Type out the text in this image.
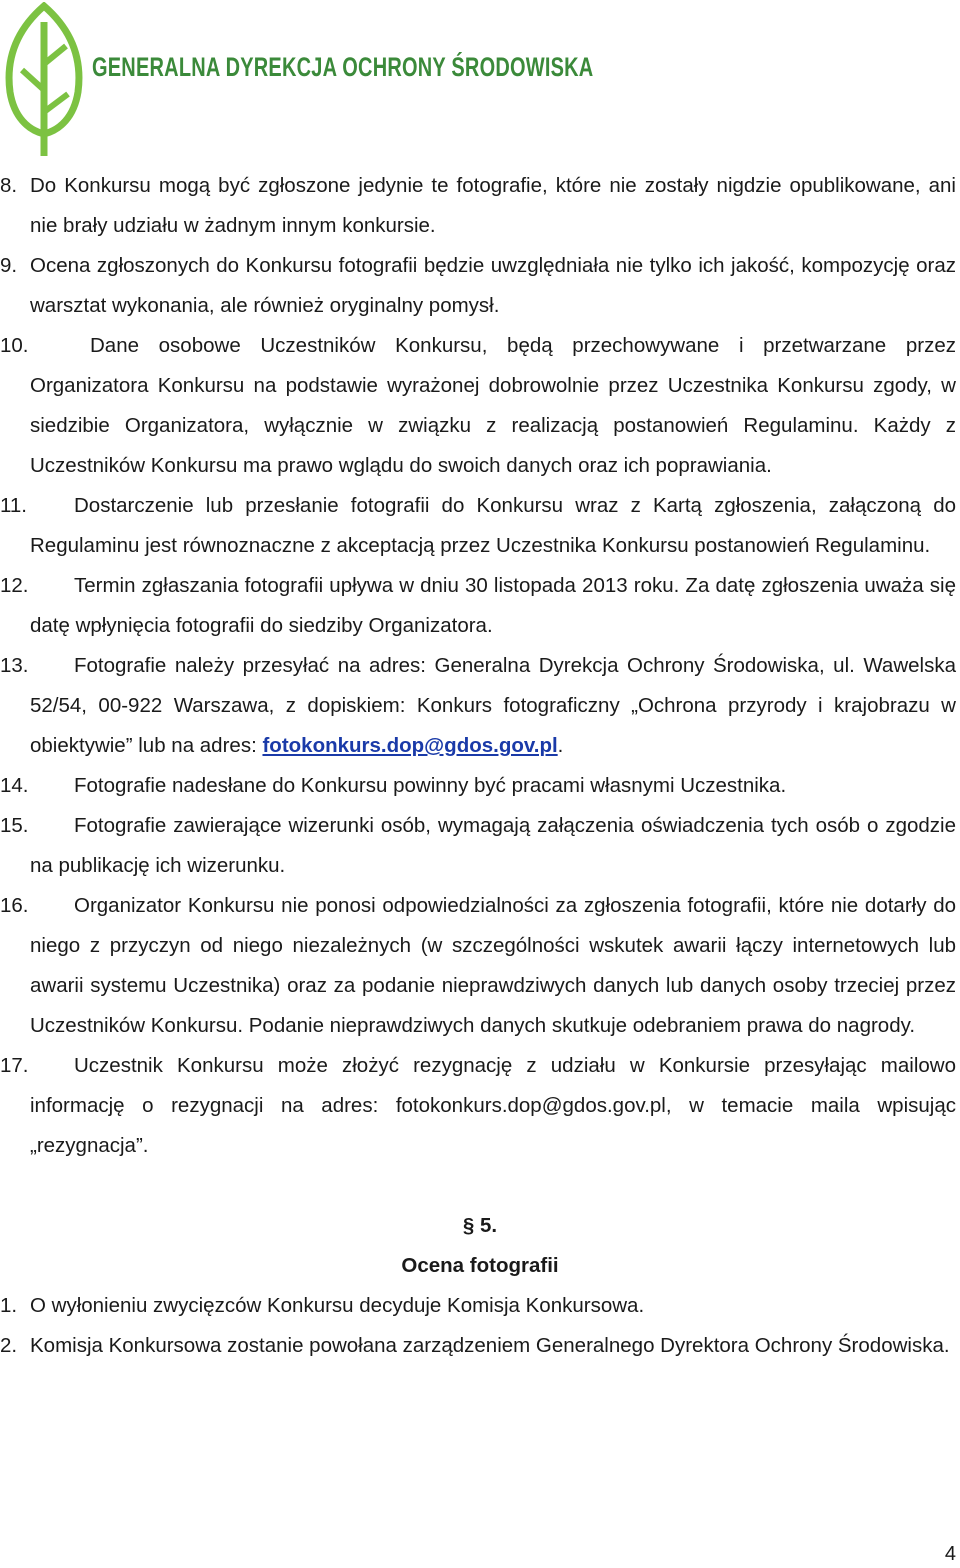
GENERALNA DYREKCJA OCHRONY ŚRODOWISKA

8. Do Konkursu mogą być zgłoszone jedynie te fotografie, które nie zostały nigdzie opublikowane, ani nie brały udziału w żadnym innym konkursie.
9. Ocena zgłoszonych do Konkursu fotografii będzie uwzględniała nie tylko ich jakość, kompozycję oraz warsztat wykonania, ale również oryginalny pomysł.
10.	Dane osobowe Uczestników Konkursu, będą przechowywane i przetwarzane przez Organizatora Konkursu na podstawie wyrażonej dobrowolnie przez Uczestnika Konkursu zgody, w siedzibie Organizatora, wyłącznie w związku z realizacją postanowień Regulaminu. Każdy z Uczestników Konkursu ma prawo wglądu do swoich danych oraz ich poprawiania.
11.	Dostarczenie lub przesłanie fotografii do Konkursu wraz z Kartą zgłoszenia, załączoną do Regulaminu jest równoznaczne z akceptacją przez Uczestnika Konkursu postanowień Regulaminu.
12.	Termin zgłaszania fotografii upływa w dniu 30 listopada 2013 roku. Za datę zgłoszenia uważa się datę wpłynięcia fotografii do siedziby Organizatora.
13.	Fotografie należy przesyłać na adres: Generalna Dyrekcja Ochrony Środowiska, ul. Wawelska 52/54, 00-922 Warszawa, z dopiskiem: Konkurs fotograficzny „Ochrona przyrody i krajobrazu w obiektywie” lub na adres: fotokonkurs.dop@gdos.gov.pl.
14.	Fotografie nadesłane do Konkursu powinny być pracami własnymi Uczestnika.
15.	Fotografie zawierające wizerunki osób, wymagają załączenia oświadczenia tych osób o zgodzie na publikację ich wizerunku.
16.	Organizator Konkursu nie ponosi odpowiedzialności za zgłoszenia fotografii, które nie dotarły do niego z przyczyn od niego niezależnych (w szczególności wskutek awarii łączy internetowych lub awarii systemu Uczestnika) oraz za podanie nieprawdziwych danych lub danych osoby trzeciej przez Uczestników Konkursu. Podanie nieprawdziwych danych skutkuje odebraniem prawa do nagrody.
17.	Uczestnik Konkursu może złożyć rezygnację z udziału w Konkursie przesyłając mailowo informację o rezygnacji na adres: fotokonkurs.dop@gdos.gov.pl, w temacie maila wpisując „rezygnacja”.
§ 5.
Ocena fotografii
1. O wyłonieniu zwycięzców Konkursu decyduje Komisja Konkursowa.
2. Komisja Konkursowa zostanie powołana zarządzeniem Generalnego Dyrektora Ochrony Środowiska.
4
